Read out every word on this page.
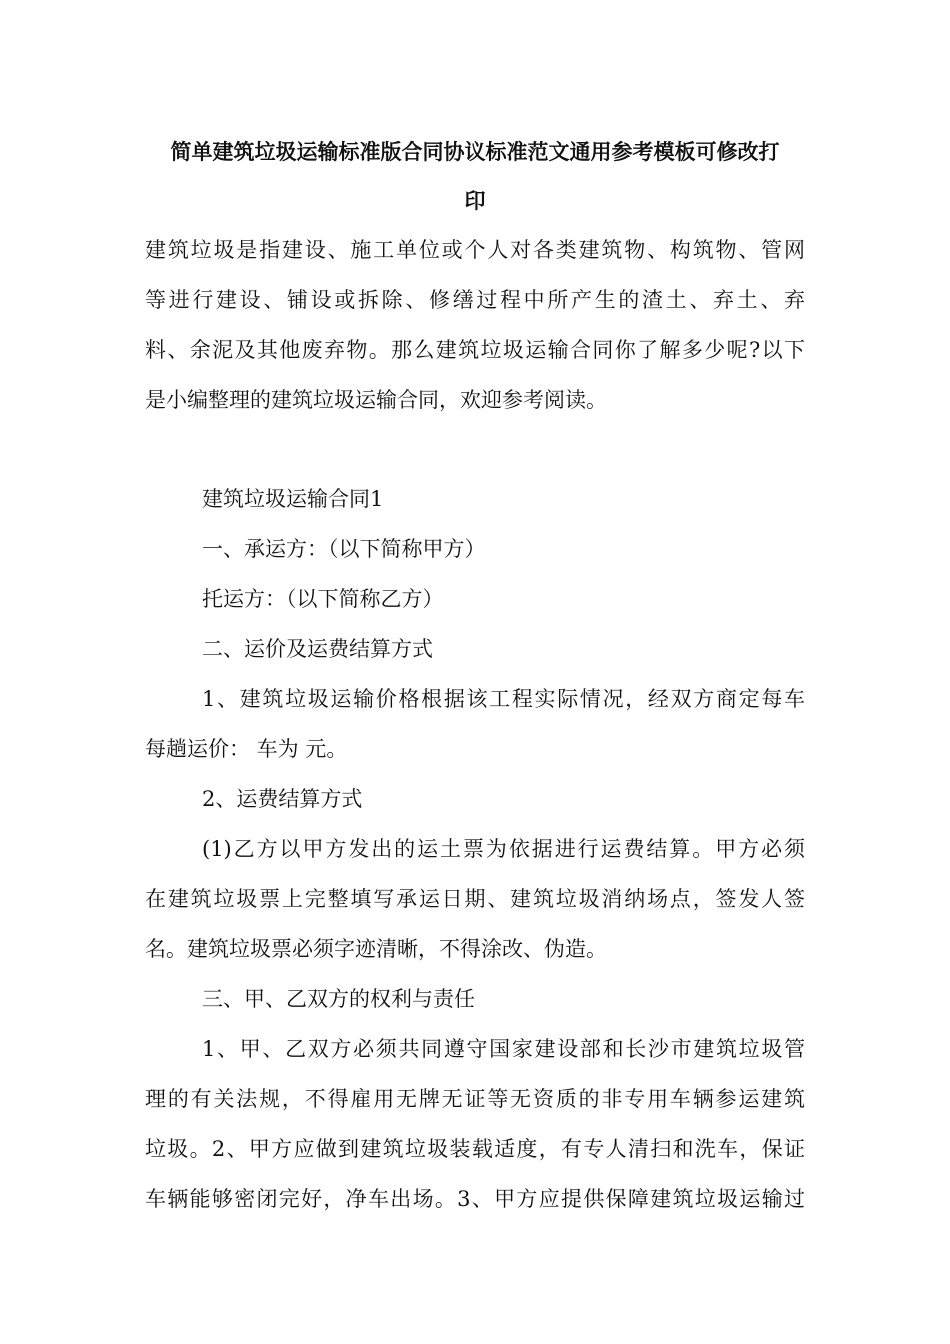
简单建筑垃圾运输标准版合同协议标准范文通用参考模板可修改打
印
建筑垃圾是指建设、施工单位或个人对各类建筑物、构筑物、管网
等进行建设、铺设或拆除、修缮过程中所产生的渣土、弃土、弃
料、余泥及其他废弃物。那么建筑垃圾运输合同你了解多少呢?以下
是小编整理的建筑垃圾运输合同，欢迎参考阅读。
建筑垃圾运输合同1
一、承运方：（以下简称甲方）
托运方：（以下简称乙方）
二、运价及运费结算方式
1、建筑垃圾运输价格根据该工程实际情况，经双方商定每车
每趟运价： 车为 元。
2、运费结算方式
(1)乙方以甲方发出的运土票为依据进行运费结算。甲方必须
在建筑垃圾票上完整填写承运日期、建筑垃圾消纳场点，签发人签
名。建筑垃圾票必须字迹清晰，不得涂改、伪造。
三、甲、乙双方的权利与责任
1、甲、乙双方必须共同遵守国家建设部和长沙市建筑垃圾管
理的有关法规，不得雇用无牌无证等无资质的非专用车辆参运建筑
垃圾。2、甲方应做到建筑垃圾装载适度，有专人清扫和洗车，保证
车辆能够密闭完好，净车出场。3、甲方应提供保障建筑垃圾运输过
